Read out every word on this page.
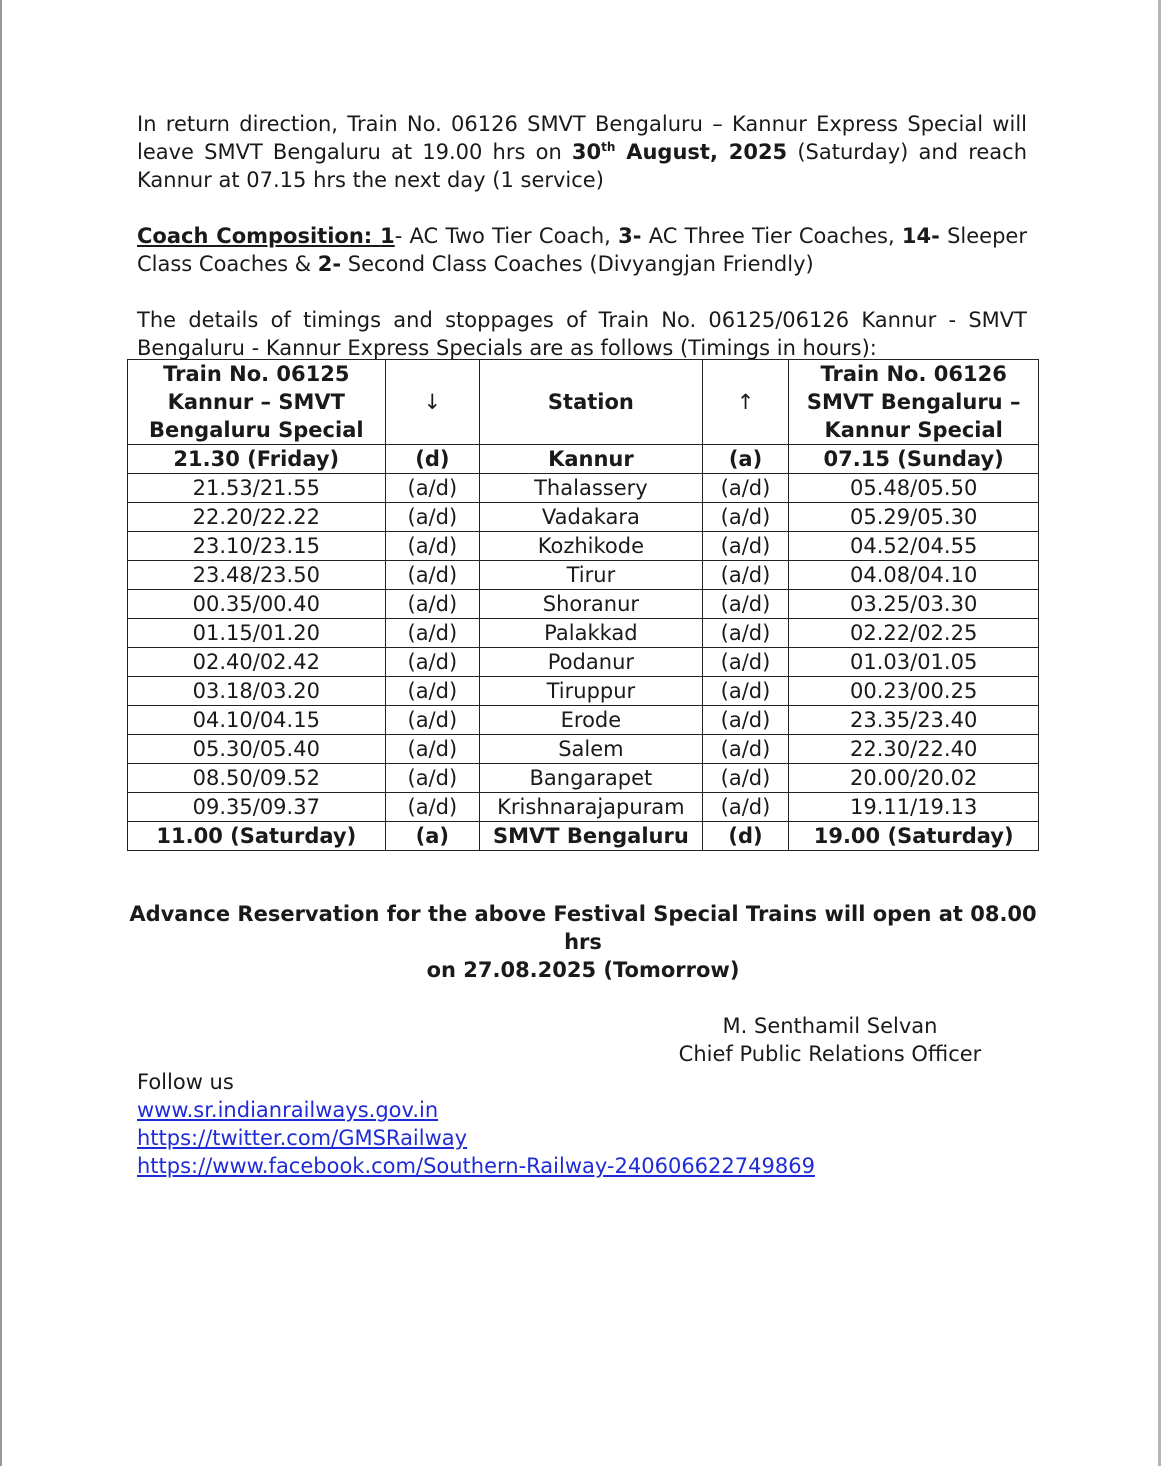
In return direction, Train No. 06126 SMVT Bengaluru – Kannur Express Special will leave SMVT Bengaluru at 19.00 hrs on 30th August, 2025 (Saturday) and reach Kannur at 07.15 hrs the next day (1 service)

Coach Composition: 1- AC Two Tier Coach, 3- AC Three Tier Coaches, 14- Sleeper Class Coaches & 2- Second Class Coaches (Divyangjan Friendly)

The details of timings and stoppages of Train No. 06125/06126 Kannur - SMVT Bengaluru - Kannur Express Specials are as follows (Timings in hours):

Train No. 06125 Kannur – SMVT Bengaluru Special	↓	Station	↑	Train No. 06126 SMVT Bengaluru – Kannur Special
21.30 (Friday)	(d)	Kannur	(a)	07.15 (Sunday)
21.53/21.55	(a/d)	Thalassery	(a/d)	05.48/05.50
22.20/22.22	(a/d)	Vadakara	(a/d)	05.29/05.30
23.10/23.15	(a/d)	Kozhikode	(a/d)	04.52/04.55
23.48/23.50	(a/d)	Tirur	(a/d)	04.08/04.10
00.35/00.40	(a/d)	Shoranur	(a/d)	03.25/03.30
01.15/01.20	(a/d)	Palakkad	(a/d)	02.22/02.25
02.40/02.42	(a/d)	Podanur	(a/d)	01.03/01.05
03.18/03.20	(a/d)	Tiruppur	(a/d)	00.23/00.25
04.10/04.15	(a/d)	Erode	(a/d)	23.35/23.40
05.30/05.40	(a/d)	Salem	(a/d)	22.30/22.40
08.50/09.52	(a/d)	Bangarapet	(a/d)	20.00/20.02
09.35/09.37	(a/d)	Krishnarajapuram	(a/d)	19.11/19.13
11.00 (Saturday)	(a)	SMVT Bengaluru	(d)	19.00 (Saturday)
Advance Reservation for the above Festival Special Trains will open at 08.00 hrs
on 27.08.2025 (Tomorrow)
M. Senthamil Selvan
Chief Public Relations Officer
Follow us
www.sr.indianrailways.gov.in
https://twitter.com/GMSRailway
https://www.facebook.com/Southern-Railway-240606622749869
